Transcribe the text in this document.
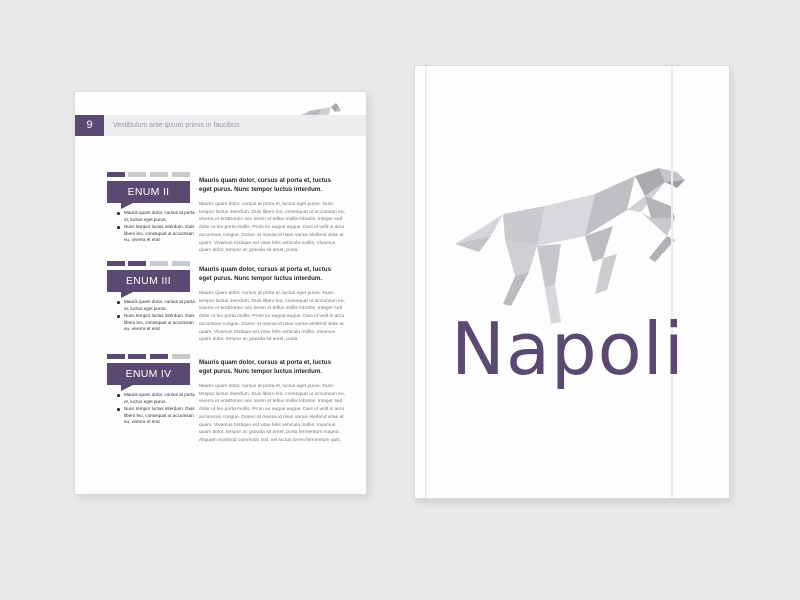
9	Vestibulum ante ipsum primis in faucibus
ENUM II
Mauris quam dolor, cursus at porta et, luctus eget purus.
Nunc tempor luctus interdum. Duis libero leo, consequat ut accumsan eu, viverra et erat
Mauris quam dolor, cursus at porta et, luctus eget purus. Nunc tempor luctus interdum.

Mauris quam dolor, cursus at porta et, luctus eget purus. Nunc tempor luctus interdum. Duis libero leo, consequat ut accumsan eu, viverra et eratDonec nec lorem et tellus mollis lobortis. Integer sed dolor ut leo porta mollis. Proin eu augue augue. Duis id velit in arcu accumsan congue. Donec at massa id risus varius eleifend vitae at quam. Vivamus tristique est vitae felis vehicula mollis. Vivamus quam dolor, tempor ac gravida sit amet, porta

ENUM III
Mauris quam dolor, cursus at porta et, luctus eget purus.
Nunc tempor luctus interdum. Duis libero leo, consequat ut accumsan eu, viverra et erat
Mauris quam dolor, cursus at porta et, luctus eget purus. Nunc tempor luctus interdum.

Mauris quam dolor, cursus at porta et, luctus eget purus. Nunc tempor luctus interdum. Duis libero leo, consequat ut accumsan eu, viverra et eratDonec nec lorem et tellus mollis lobortis. Integer sed dolor ut leo porta mollis. Proin eu augue augue. Duis id velit in arcu accumsan congue. Donec at massa id risus varius eleifend vitae at quam. Vivamus tristique est vitae felis vehicula mollis. Vivamus quam dolor, tempor ac gravida sit amet, porta

ENUM IV
Mauris quam dolor, cursus at porta et, luctus eget purus.
Nunc tempor luctus interdum. Duis libero leo, consequat ut accumsan eu, viverra et erat
Mauris quam dolor, cursus at porta et, luctus eget purus. Nunc tempor luctus interdum.

Mauris quam dolor, cursus at porta et, luctus eget purus. Nunc tempor luctus interdum. Duis libero leo, consequat ut accumsan eu, viverra et eratDonec nec lorem et tellus mollis lobortis. Integer sed dolor ut leo porta mollis. Proin eu augue augue. Duis id velit in arcu accumsan congue. Donec at massa id risus varius eleifend vitae at quam. Vivamus tristique est vitae felis vehicula mollis. Vivamus quam dolor, tempor ac gravida sit amet, porta fermentum magna. Aliquam euismod commodo nisl, vel luctus lorem fermentum quis.

Napoli
